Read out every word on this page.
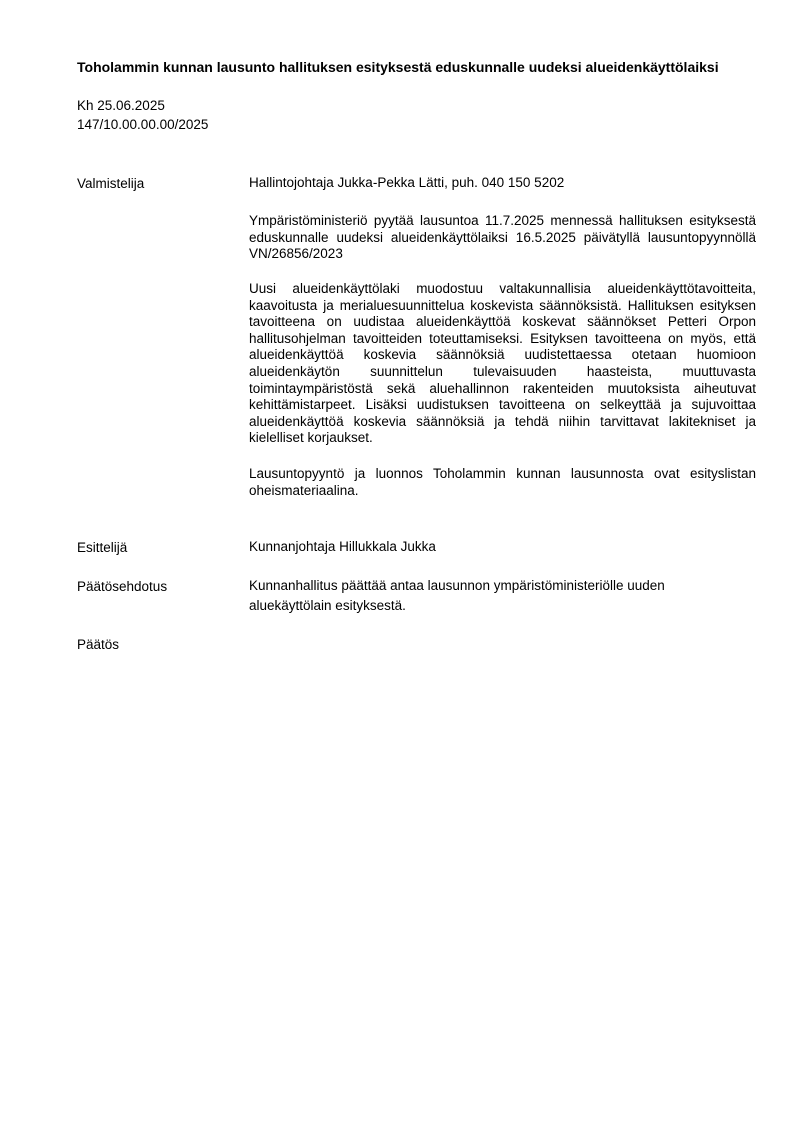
Toholammin kunnan lausunto hallituksen esityksestä eduskunnalle uudeksi alueidenkäyttölaiksi
Kh 25.06.2025
147/10.00.00.00/2025
Valmistelija	Hallintojohtaja Jukka-Pekka Lätti, puh. 040 150 5202

Ympäristöministeriö pyytää lausuntoa 11.7.2025 mennessä hallituksen esityksestä eduskunnalle uudeksi alueidenkäyttölaiksi 16.5.2025 päivätyllä lausuntopyynnöllä VN/26856/2023

Uusi alueidenkäyttölaki muodostuu valtakunnallisia alueidenkäyttötavoitteita, kaavoitusta ja merialuesuunnittelua koskevista säännöksistä. Hallituksen esityksen tavoitteena on uudistaa alueidenkäyttöä koskevat säännökset Petteri Orpon hallitusohjelman tavoitteiden toteuttamiseksi. Esityksen tavoitteena on myös, että alueidenkäyttöä koskevia säännöksiä uudistettaessa otetaan huomioon alueidenkäytön suunnittelun tulevaisuuden haasteista, muuttuvasta toimintaympäristöstä sekä aluehallinnon rakenteiden muutoksista aiheutuvat kehittämistarpeet. Lisäksi uudistuksen tavoitteena on selkeyttää ja sujuvoittaa alueidenkäyttöä koskevia säännöksiä ja tehdä niihin tarvittavat lakitekniset ja kielelliset korjaukset.

Lausuntopyyntö ja luonnos Toholammin kunnan lausunnosta ovat esityslistan oheismateriaalina.

Esittelijä	Kunnanjohtaja Hillukkala Jukka
Päätösehdotus	Kunnanhallitus päättää antaa lausunnon ympäristöministeriölle uuden aluekäyttölain esityksestä.

Päätös
